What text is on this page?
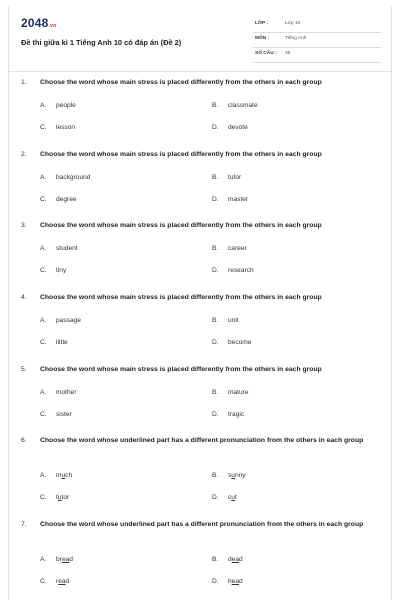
2048.vn
Đề thi giữa kì 1 Tiếng Anh 10 có đáp án (Đề 2)
LỚP :	Lớp 10
MÔN :	Tiếng Anh
SỐ CÂU : 35
1. Choose the word whose main stress is placed differently from the others in each group
A. people	B. classmate
C. lesson	D. devote
2. Choose the word whose main stress is placed differently from the others in each group
A. background	B. tutor
C. degree	D. master
3. Choose the word whose main stress is placed differently from the others in each group
A. student	B. career
C. tiny	D. research
4. Choose the word whose main stress is placed differently from the others in each group
A. passage	B. unit
C. little	D. become
5. Choose the word whose main stress is placed differently from the others in each group
A. mother	B. mature
C. sister	D. tragic
6. Choose the word whose underlined part has a different pronunciation from the others in each group
A. much	B. sunny
C. tutor	D. cut
7. Choose the word whose underlined part has a different pronunciation from the others in each group
A. bread	B. dead
C. read	D. head
